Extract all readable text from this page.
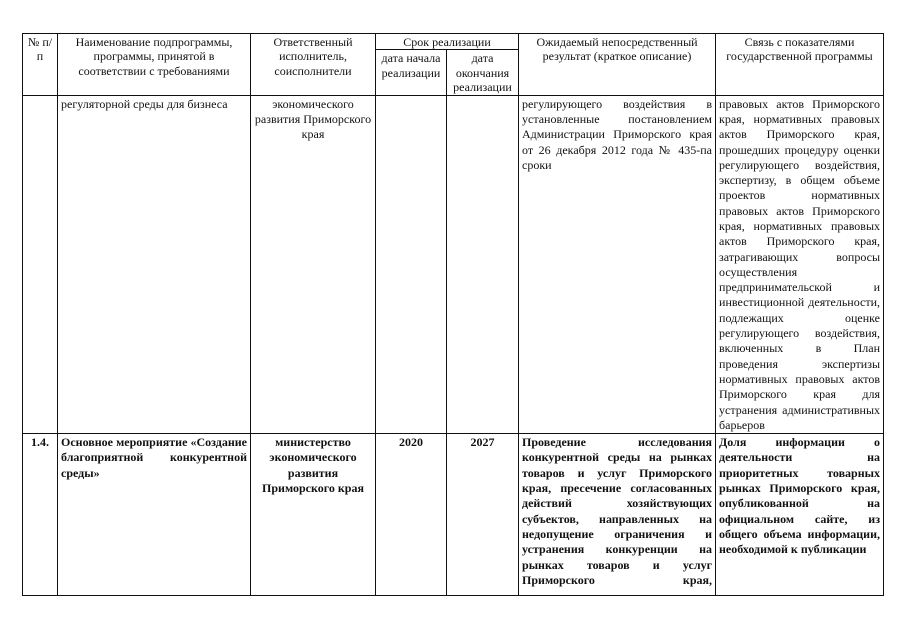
№ п/п	Наименование подпрограммы, программы, принятой в соответствии с требованиями	Ответственный исполнитель, соисполнители	Срок реализации		Ожидаемый непосредственный результат (краткое описание)	Связь с показателями государственной программы
			дата начала реализации	дата окончания реализации		
	регуляторной среды для бизнеса	экономического развития Приморского края			регулирующего воздействия в установленные постановлением Администрации Приморского края от 26 декабря 2012 года № 435-па сроки	правовых актов Приморского края, нормативных правовых актов Приморского края, прошедших процедуру оценки регулирующего воздействия, экспертизу, в общем объеме проектов нормативных правовых актов Приморского края, нормативных правовых актов Приморского края, затрагивающих вопросы осуществления предпринимательской и инвестиционной деятельности, подлежащих оценке регулирующего воздействия, включенных в План проведения экспертизы нормативных правовых актов Приморского края для устранения административных барьеров
1.4.	Основное мероприятие «Создание благоприятной конкурентной среды»	министерство экономического развития Приморского края	2020	2027	Проведение исследования конкурентной среды на рынках товаров и услуг Приморского края, пресечение согласованных действий хозяйствующих субъектов, направленных на недопущение ограничения и устранения конкуренции на рынках товаров и услуг Приморского края,	Доля информации о деятельности на приоритетных товарных рынках Приморского края, опубликованной на официальном сайте, из общего объема информации, необходимой к публикации
